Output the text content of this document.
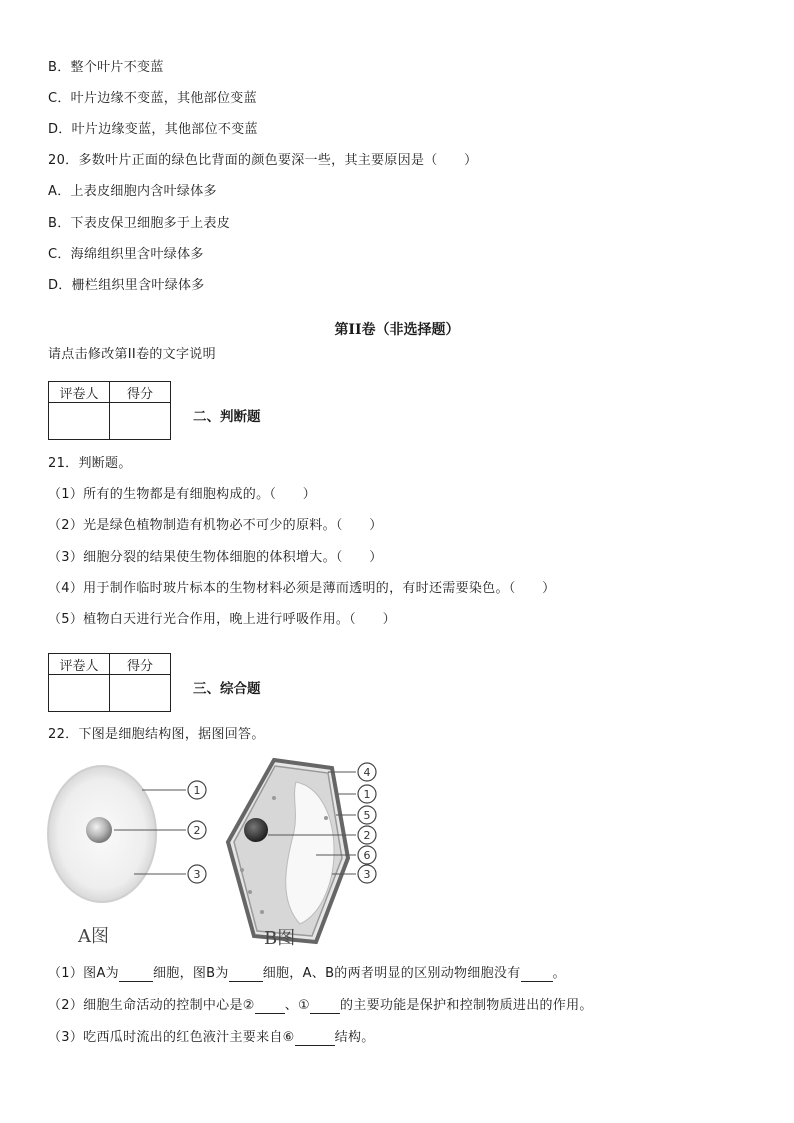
B．整个叶片不变蓝
C．叶片边缘不变蓝，其他部位变蓝
D．叶片边缘变蓝，其他部位不变蓝
20．多数叶片正面的绿色比背面的颜色要深一些，其主要原因是（　　）
A．上表皮细胞内含叶绿体多
B．下表皮保卫细胞多于上表皮
C．海绵组织里含叶绿体多
D．栅栏组织里含叶绿体多
第II卷（非选择题）
请点击修改第II卷的文字说明
评卷人	得分

二、判断题
21．判断题。
（1）所有的生物都是有细胞构成的。（　　）
（2）光是绿色植物制造有机物必不可少的原料。（　　）
（3）细胞分裂的结果使生物体细胞的体积增大。（　　）
（4）用于制作临时玻片标本的生物材料必须是薄而透明的，有时还需要染色。（　　）
（5）植物白天进行光合作用，晚上进行呼吸作用。（　　）
评卷人	得分

三、综合题
22．下图是细胞结构图，据图回答。
1
2
3
A图
4
1
5
2
6
3
B图
（1）图A为	细胞，图B为	细胞，A、B的两者明显的区别动物细胞没有 。
（2）细胞生命活动的控制中心是② 、① 的主要功能是保护和控制物质进出的作用。
（3）吃西瓜时流出的红色液汁主要来自⑥	结构。
